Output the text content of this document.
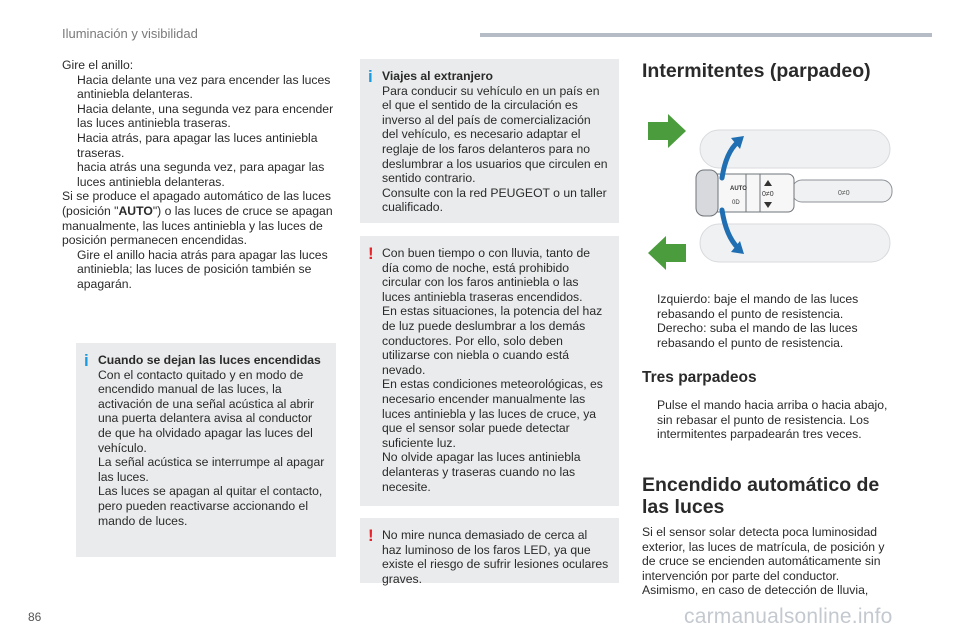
Iluminación y visibilidad
Gire el anillo:
Hacia delante una vez para encender las luces antiniebla delanteras.
Hacia delante, una segunda vez para encender las luces antiniebla traseras.
Hacia atrás, para apagar las luces antiniebla traseras.
hacia atrás una segunda vez, para apagar las luces antiniebla delanteras.
Si se produce el apagado automático de las luces (posición "AUTO") o las luces de cruce se apagan manualmente, las luces antiniebla y las luces de posición permanecen encendidas.
Gire el anillo hacia atrás para apagar las luces antiniebla; las luces de posición también se apagarán.
i Cuando se dejan las luces encendidas
Con el contacto quitado y en modo de encendido manual de las luces, la activación de una señal acústica al abrir una puerta delantera avisa al conductor de que ha olvidado apagar las luces del vehículo.
La señal acústica se interrumpe al apagar las luces.
Las luces se apagan al quitar el contacto, pero pueden reactivarse accionando el mando de luces.
i Viajes al extranjero
Para conducir su vehículo en un país en el que el sentido de la circulación es inverso al del país de comercialización del vehículo, es necesario adaptar el reglaje de los faros delanteros para no deslumbrar a los usuarios que circulen en sentido contrario.
Consulte con la red PEUGEOT o un taller cualificado.
! Con buen tiempo o con lluvia, tanto de día como de noche, está prohibido circular con los faros antiniebla o las luces antiniebla traseras encendidos.
En estas situaciones, la potencia del haz de luz puede deslumbrar a los demás conductores. Por ello, solo deben utilizarse con niebla o cuando está nevado.
En estas condiciones meteorológicas, es necesario encender manualmente las luces antiniebla y las luces de cruce, ya que el sensor solar puede detectar suficiente luz.
No olvide apagar las luces antiniebla delanteras y traseras cuando no las necesite.
! No mire nunca demasiado de cerca al haz luminoso de los faros LED, ya que existe el riesgo de sufrir lesiones oculares graves.
Intermitentes (parpadeo)
AUTO
0D
0≠0	0≠0
Izquierdo: baje el mando de las luces rebasando el punto de resistencia.
Derecho: suba el mando de las luces rebasando el punto de resistencia.
Tres parpadeos
Pulse el mando hacia arriba o hacia abajo, sin rebasar el punto de resistencia. Los intermitentes parpadearán tres veces.
Encendido automático de
las luces
Si el sensor solar detecta poca luminosidad exterior, las luces de matrícula, de posición y de cruce se encienden automáticamente sin intervención por parte del conductor. Asimismo, en caso de detección de lluvia,
86	carmanualsonline.info
